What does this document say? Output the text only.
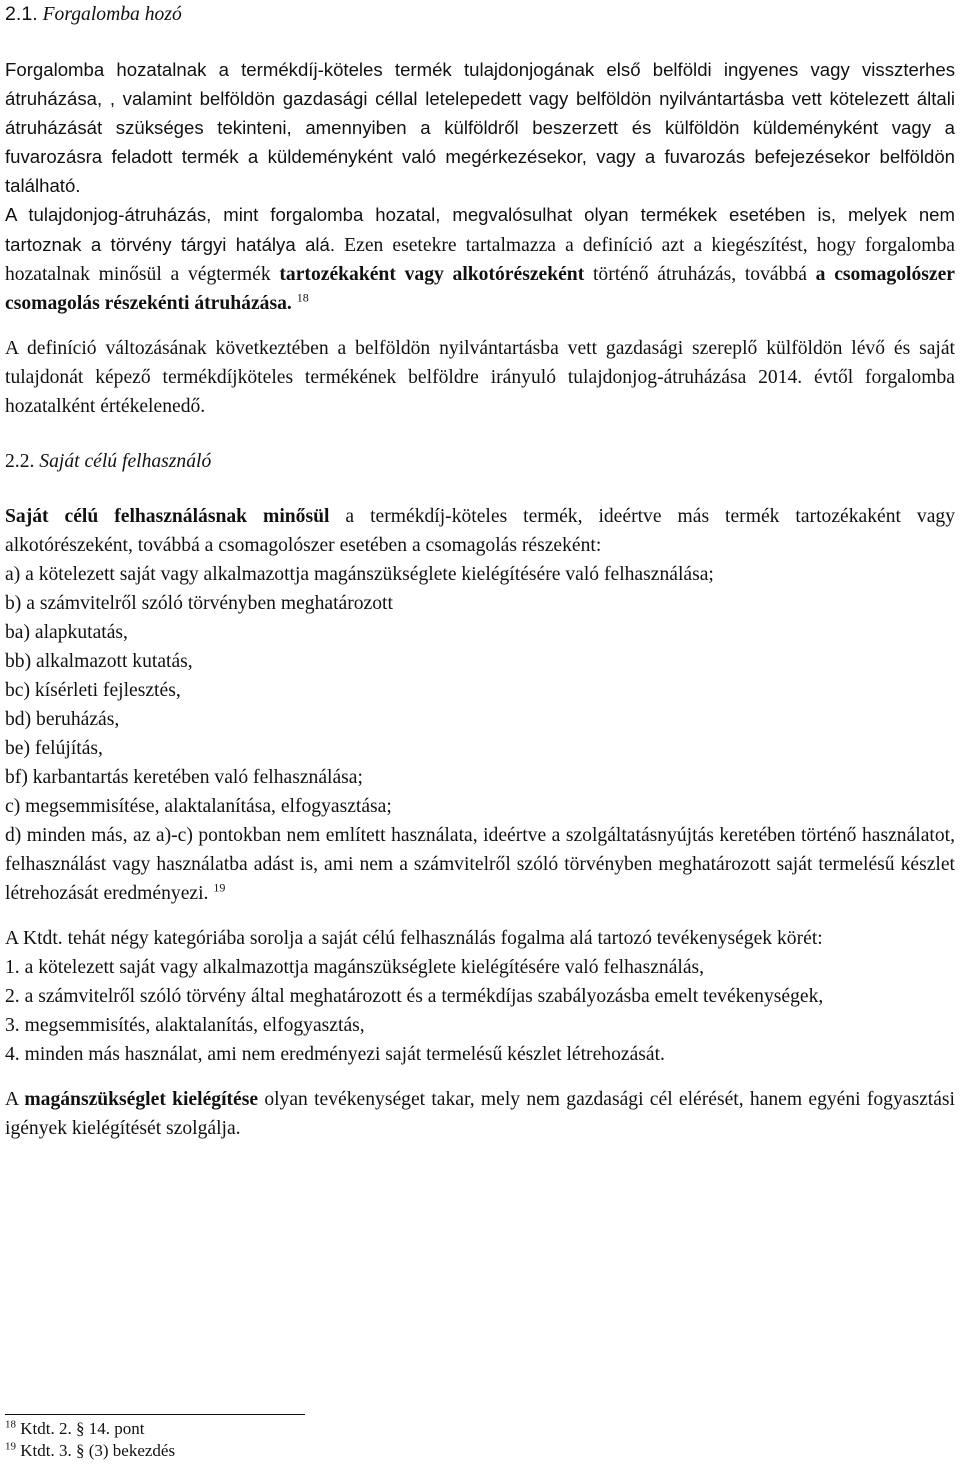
2.1. Forgalomba hozó

Forgalomba hozatalnak a termékdíj-köteles termék tulajdonjogának első belföldi ingyenes vagy visszterhes átruházása, , valamint belföldön gazdasági céllal letelepedett vagy belföldön nyilvántartásba vett kötelezett általi átruházását szükséges tekinteni, amennyiben a külföldről beszerzett és külföldön küldeményként vagy a fuvarozásra feladott termék a küldeményként való megérkezésekor, vagy a fuvarozás befejezésekor belföldön található.

A tulajdonjog-átruházás, mint forgalomba hozatal, megvalósulhat olyan termékek esetében is, melyek nem tartoznak a törvény tárgyi hatálya alá. Ezen esetekre tartalmazza a definíció azt a kiegészítést, hogy forgalomba hozatalnak minősül a végtermék tartozékaként vagy alkotórészeként történő átruházás, továbbá a csomagolószer csomagolás részekénti átruházása. $^{18}$

A definíció változásának következtében a belföldön nyilvántartásba vett gazdasági szereplő külföldön lévő és saját tulajdonát képező termékdíjköteles termékének belföldre irányuló tulajdonjog-átruházása 2014. évtől forgalomba hozatalként értékelenedő.

2.2. Saját célú felhasználó

Saját célú felhasználásnak minősül a termékdíj-köteles termék, ideértve más termék tartozékaként vagy alkotórészeként, továbbá a csomagolószer esetében a csomagolás részeként:

a) a kötelezett saját vagy alkalmazottja magánszükséglete kielégítésére való felhasználása;
b) a számvitelről szóló törvényben meghatározott
ba) alapkutatás,
bb) alkalmazott kutatás,
bc) kísérleti fejlesztés,
bd) beruházás,
be) felújítás,
bf) karbantartás keretében való felhasználása;
c) megsemmisítése, alaktalanítása, elfogyasztása;

d) minden más, az a)-c) pontokban nem említett használata, ideértve a szolgáltatásnyújtás keretében történő használatot, felhasználást vagy használatba adást is, ami nem a számvitelről szóló törvényben meghatározott saját termelésű készlet létrehozását eredményezi. $^{19}$

A Ktdt. tehát négy kategóriába sorolja a saját célú felhasználás fogalma alá tartozó tevékenységek körét:

1. a kötelezett saját vagy alkalmazottja magánszükséglete kielégítésére való felhasználás,

2. a számvitelről szóló törvény által meghatározott és a termékdíjas szabályozásba emelt tevékenységek,

3. megsemmisítés, alaktalanítás, elfogyasztás,

4. minden más használat, ami nem eredményezi saját termelésű készlet létrehozását.

A magánszükséglet kielégítése olyan tevékenységet takar, mely nem gazdasági cél elérését, hanem egyéni fogyasztási igények kielégítését szolgálja.

$^{18}$ Ktdt. 2. § 14. pont
$^{19}$ Ktdt. 3. § (3) bekezdés
